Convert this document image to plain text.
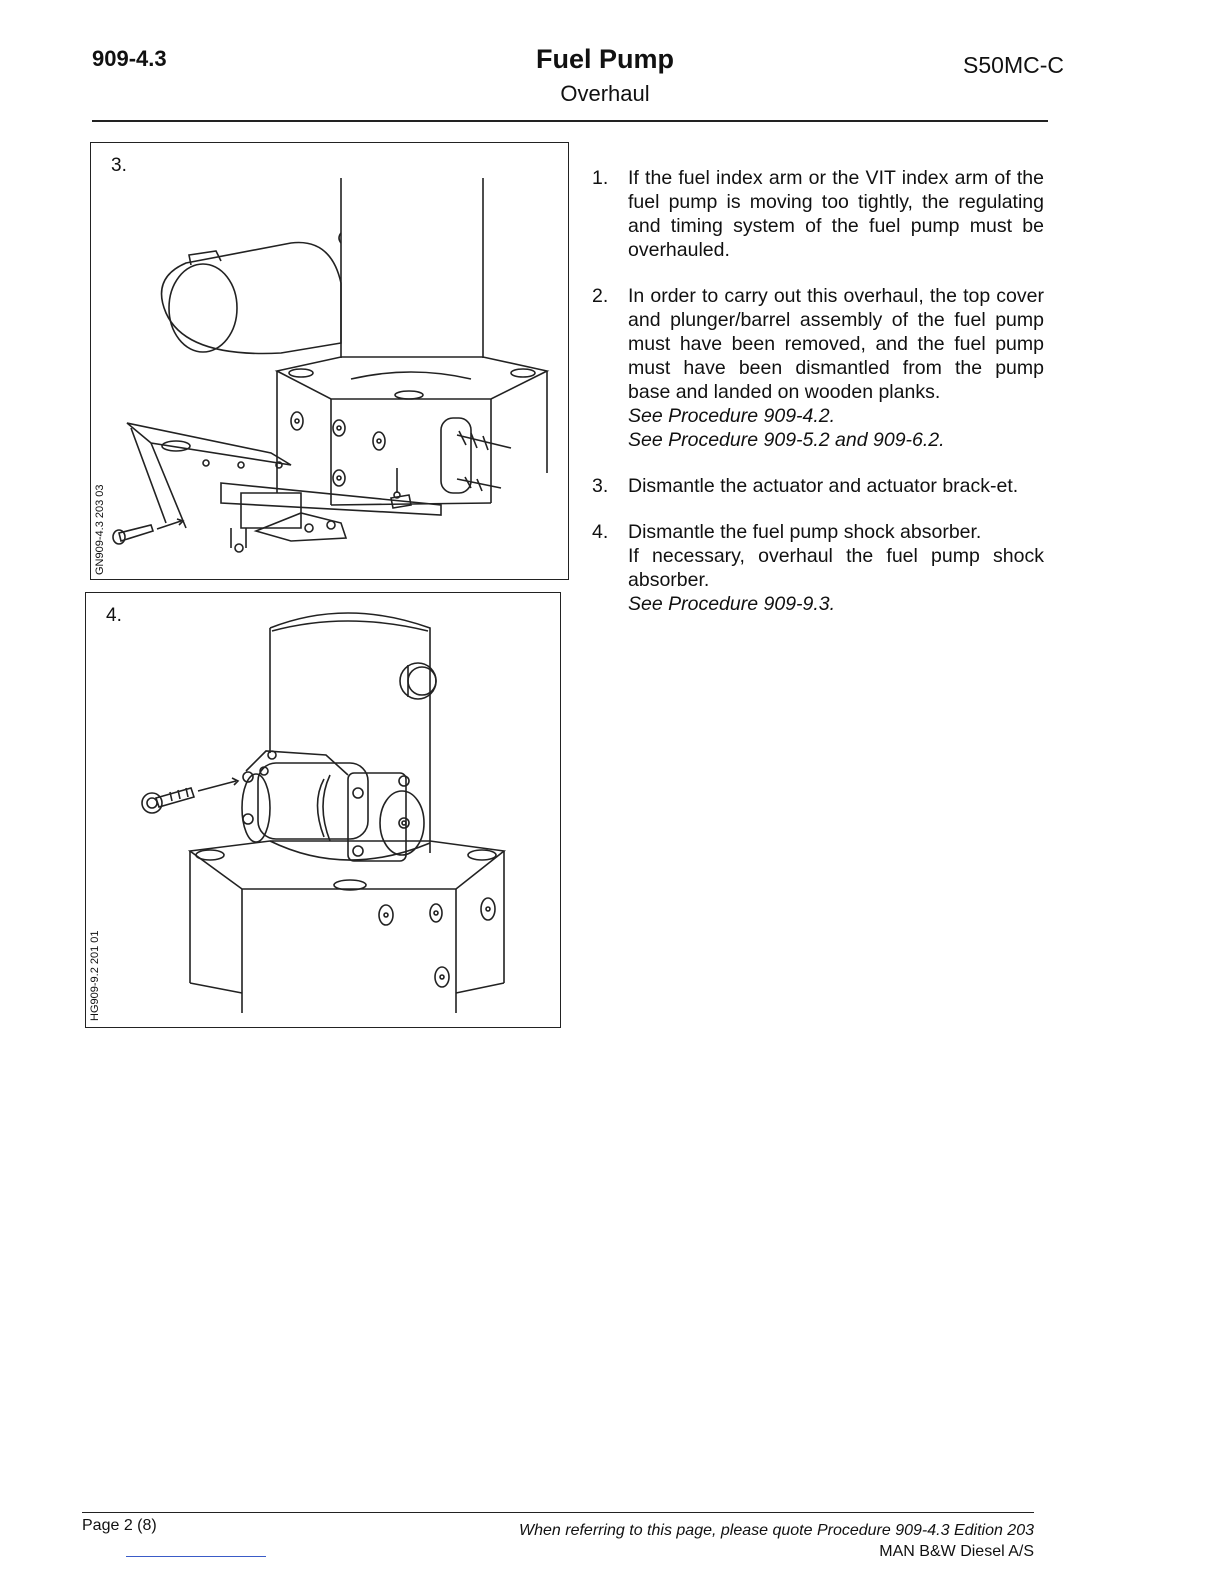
909-4.3	Fuel Pump
Overhaul
S50MC-C
3.
GN909-4.3 203 03
4.
HG909-9.2 201 01
1.	If the fuel index arm or the VIT index arm of the fuel pump is moving too tightly, the regulating and timing system of the fuel pump must be overhauled.

2.	In order to carry out this overhaul, the top cover and plunger/barrel assembly of the fuel pump must have been removed, and the fuel pump must have been dismantled from the pump base and landed on wooden planks.

See Procedure 909-4.2.

See Procedure 909-5.2 and 909-6.2.

3.	Dismantle the actuator and actuator brack-et.

4.	Dismantle the fuel pump shock absorber.

If necessary, overhaul the fuel pump shock absorber.

See Procedure 909-9.3.

Page 2 (8)	When referring to this page, please quote Procedure 909-4.3 Edition 203
MAN B&W Diesel A/S
